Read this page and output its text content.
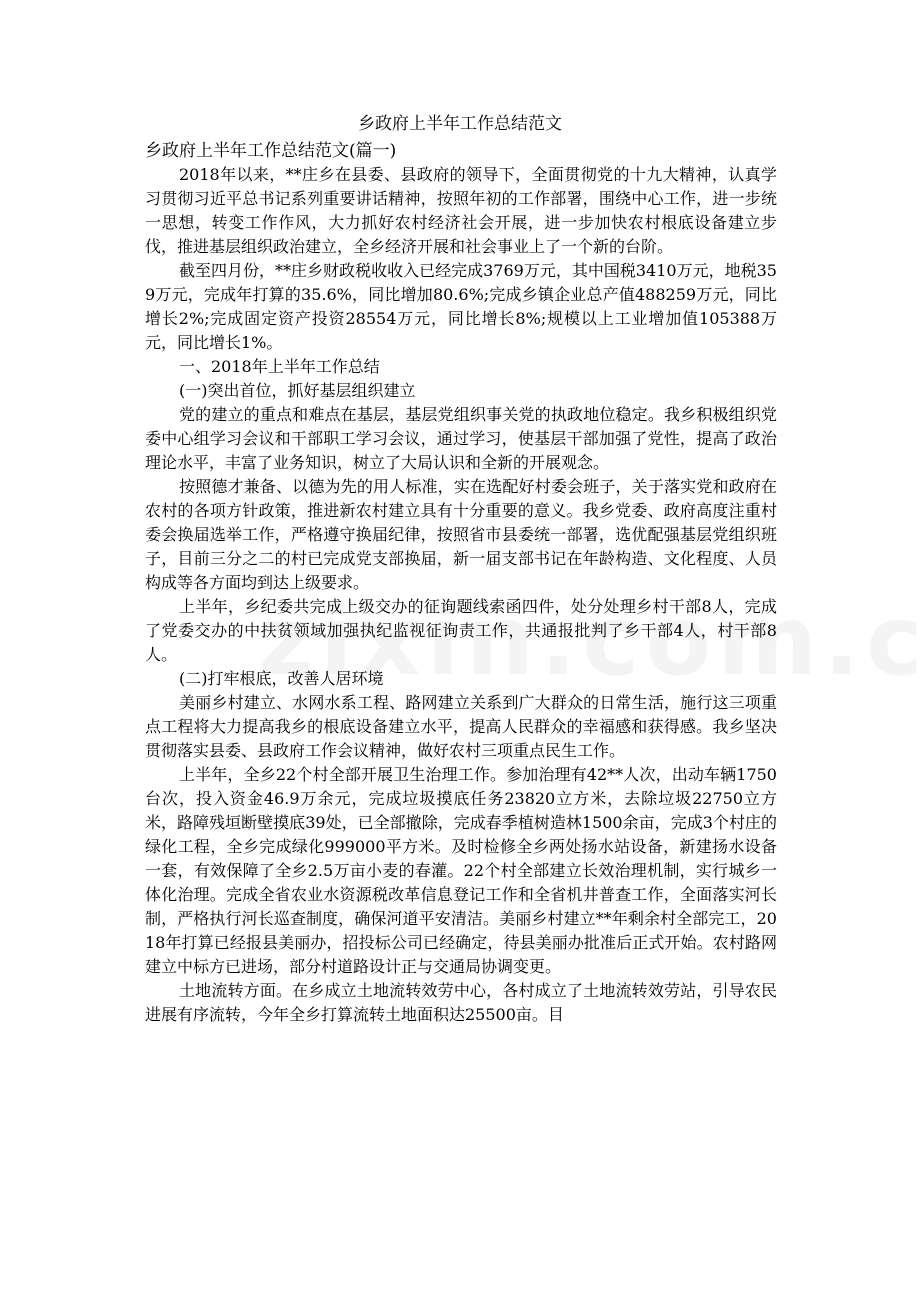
乡政府上半年工作总结范文

乡政府上半年工作总结范文(篇一)

2018年以来，**庄乡在县委、县政府的领导下，全面贯彻党的十九大精神，认真学习贯彻习近平总书记系列重要讲话精神，按照年初的工作部署，围绕中心工作，进一步统一思想，转变工作作风，大力抓好农村经济社会开展，进一步加快农村根底设备建立步伐，推进基层组织政治建立，全乡经济开展和社会事业上了一个新的台阶。

截至四月份，**庄乡财政税收收入已经完成3769万元，其中国税3410万元，地税359万元，完成年打算的35.6%，同比增加80.6%;完成乡镇企业总产值488259万元，同比增长2%;完成固定资产投资28554万元，同比增长8%;规模以上工业增加值105388万元，同比增长1%。

一、2018年上半年工作总结

(一)突出首位，抓好基层组织建立

党的建立的重点和难点在基层，基层党组织事关党的执政地位稳定。我乡积极组织党委中心组学习会议和干部职工学习会议，通过学习，使基层干部加强了党性，提高了政治理论水平，丰富了业务知识，树立了大局认识和全新的开展观念。

按照德才兼备、以德为先的用人标准，实在选配好村委会班子，关于落实党和政府在农村的各项方针政策，推进新农村建立具有十分重要的意义。我乡党委、政府高度注重村委会换届选举工作，严格遵守换届纪律，按照省市县委统一部署，选优配强基层党组织班子，目前三分之二的村已完成党支部换届，新一届支部书记在年龄构造、文化程度、人员构成等各方面均到达上级要求。

上半年，乡纪委共完成上级交办的征询题线索函四件，处分处理乡村干部8人，完成了党委交办的中扶贫领域加强执纪监视征询责工作，共通报批判了乡干部4人，村干部8人。

(二)打牢根底，改善人居环境

美丽乡村建立、水网水系工程、路网建立关系到广大群众的日常生活，施行这三项重点工程将大力提高我乡的根底设备建立水平，提高人民群众的幸福感和获得感。我乡坚决贯彻落实县委、县政府工作会议精神，做好农村三项重点民生工作。

上半年，全乡22个村全部开展卫生治理工作。参加治理有42**人次，出动车辆1750台次，投入资金46.9万余元，完成垃圾摸底任务23820立方米，去除垃圾22750立方米，路障残垣断壁摸底39处，已全部撤除，完成春季植树造林1500余亩，完成3个村庄的绿化工程，全乡完成绿化999000平方米。及时检修全乡两处扬水站设备，新建扬水设备一套，有效保障了全乡2.5万亩小麦的春灌。22个村全部建立长效治理机制，实行城乡一体化治理。完成全省农业水资源税改革信息登记工作和全省机井普查工作，全面落实河长制，严格执行河长巡查制度，确保河道平安清洁。美丽乡村建立**年剩余村全部完工，2018年打算已经报县美丽办，招投标公司已经确定，待县美丽办批准后正式开始。农村路网建立中标方已进场，部分村道路设计正与交通局协调变更。

土地流转方面。在乡成立土地流转效劳中心，各村成立了土地流转效劳站，引导农民进展有序流转，今年全乡打算流转土地面积达25500亩。目
